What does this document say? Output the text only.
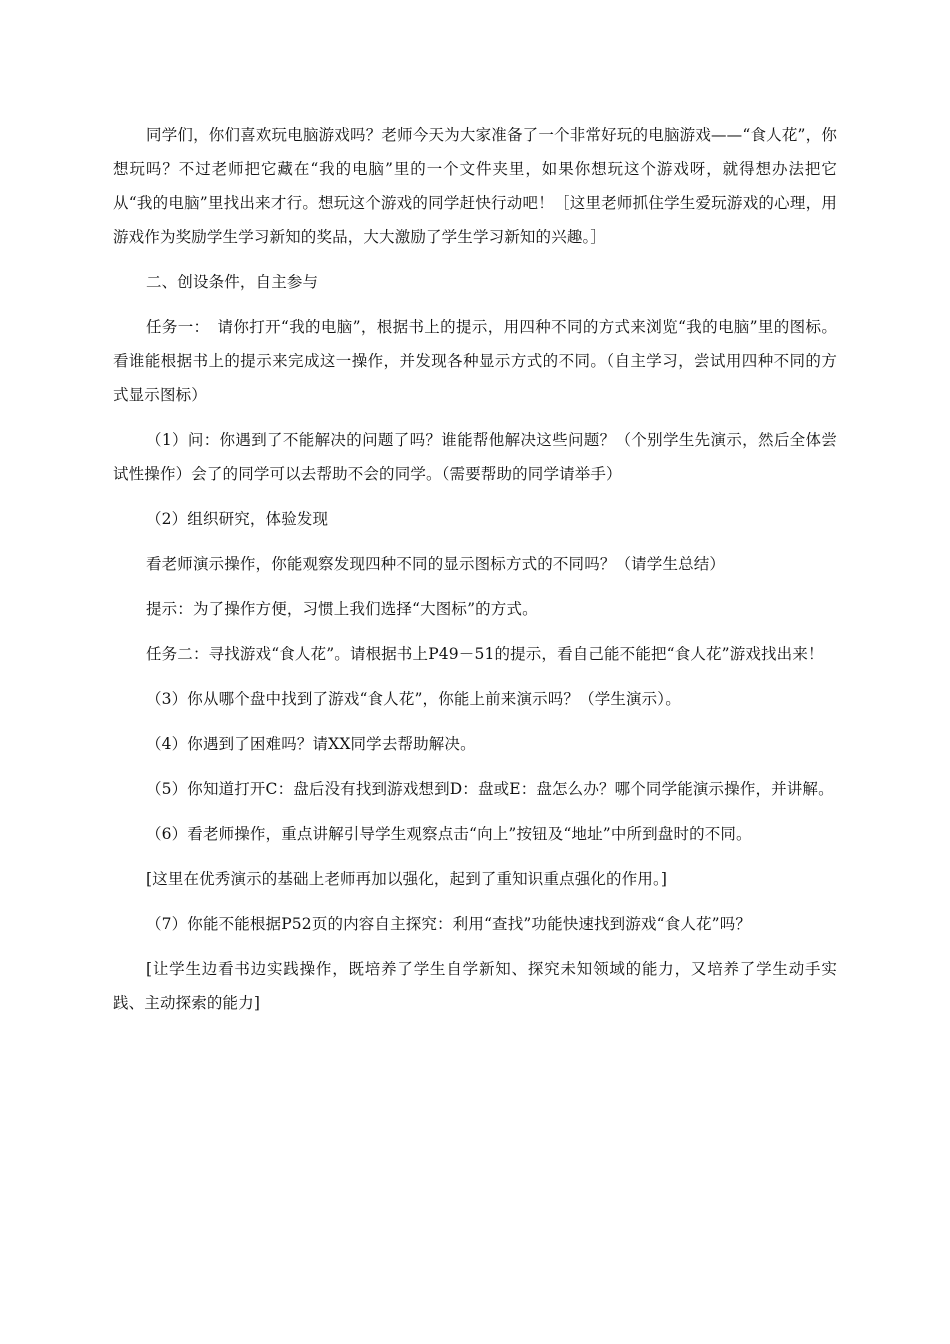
同学们，你们喜欢玩电脑游戏吗？老师今天为大家准备了一个非常好玩的电脑游戏——“食人花”，你想玩吗？不过老师把它藏在“我的电脑”里的一个文件夹里，如果你想玩这个游戏呀，就得想办法把它从“我的电脑”里找出来才行。想玩这个游戏的同学赶快行动吧！［这里老师抓住学生爱玩游戏的心理，用游戏作为奖励学生学习新知的奖品，大大激励了学生学习新知的兴趣。］

二、创设条件，自主参与

任务一：　请你打开“我的电脑”，根据书上的提示，用四种不同的方式来浏览“我的电脑”里的图标。看谁能根据书上的提示来完成这一操作，并发现各种显示方式的不同。（自主学习，尝试用四种不同的方式显示图标）

（1）问：你遇到了不能解决的问题了吗？谁能帮他解决这些问题？（个别学生先演示，然后全体尝试性操作）会了的同学可以去帮助不会的同学。（需要帮助的同学请举手）

（2）组织研究，体验发现

看老师演示操作，你能观察发现四种不同的显示图标方式的不同吗？（请学生总结）

提示：为了操作方便，习惯上我们选择“大图标”的方式。

任务二：寻找游戏“食人花”。请根据书上P49－51的提示，看自己能不能把“食人花”游戏找出来！

（3）你从哪个盘中找到了游戏“食人花”，你能上前来演示吗？（学生演示）。

（4）你遇到了困难吗？请XX同学去帮助解决。

（5）你知道打开C：盘后没有找到游戏想到D：盘或E：盘怎么办？哪个同学能演示操作，并讲解。

（6）看老师操作，重点讲解引导学生观察点击“向上”按钮及“地址”中所到盘时的不同。

[这里在优秀演示的基础上老师再加以强化，起到了重知识重点强化的作用。]

（7）你能不能根据P52页的内容自主探究：利用“查找”功能快速找到游戏“食人花”吗？

[让学生边看书边实践操作，既培养了学生自学新知、探究未知领域的能力，又培养了学生动手实践、主动探索的能力]
